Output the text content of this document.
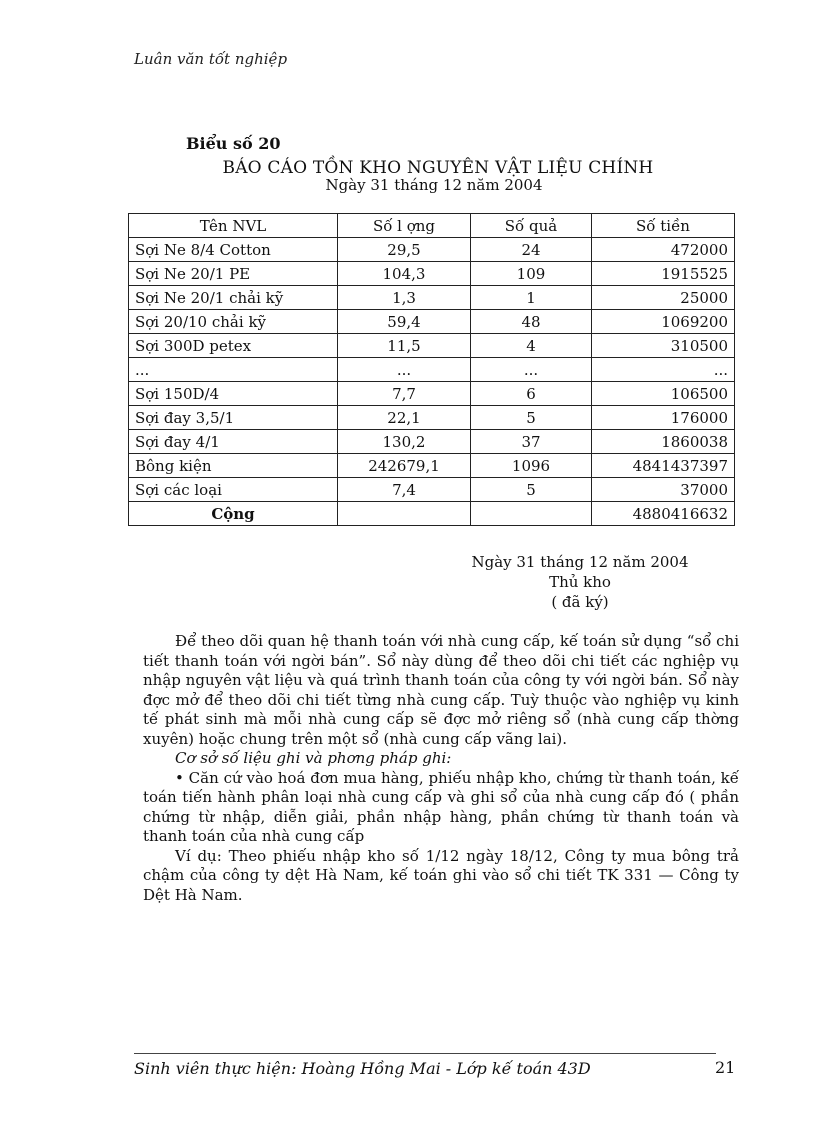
Luân văn tốt nghiệp
Biểu số 20
BÁO CÁO TỒN KHO NGUYÊN VẬT LIỆU CHÍNH
Ngày 31 tháng 12 năm 2004
Tên NVL	Số l ợng	Số quả	Số tiền
Sợi Ne 8/4 Cotton	29,5	24	472000
Sợi Ne 20/1 PE	104,3	109	1915525
Sợi Ne 20/1 chải kỹ	1,3	1	25000
Sợi 20/10 chải kỹ	59,4	48	1069200
Sợi 300D petex	11,5	4	310500
...	...	...	...
Sợi 150D/4	7,7	6	106500
Sợi đay 3,5/1	22,1	5	176000
Sợi đay 4/1	130,2	37	1860038
Bông kiện	242679,1	1096	4841437397
Sợi các loại	7,4	5	37000
Cộng			4880416632
Ngày 31 tháng 12 năm 2004
Thủ kho
( đã ký)

Để theo dõi quan hệ thanh toán với nhà cung cấp, kế toán sử dụng “sổ chi tiết thanh toán với ngời bán”. Sổ này dùng để theo dõi chi tiết các nghiệp vụ nhập nguyên vật liệu và quá trình thanh toán của công ty với ngời bán. Sổ này đợc mở để theo dõi chi tiết từng nhà cung cấp. Tuỳ thuộc vào nghiệp vụ kinh tế phát sinh mà mỗi nhà cung cấp sẽ đợc mở riêng sổ (nhà cung cấp thờng xuyên) hoặc chung trên một sổ (nhà cung cấp vãng lai).

Cơ sở số liệu ghi và phơng pháp ghi:

• Căn cứ vào hoá đơn mua hàng, phiếu nhập kho, chứng từ thanh toán, kế toán tiến hành phân loại nhà cung cấp và ghi sổ của nhà cung cấp đó ( phần chứng từ nhập, diễn giải, phần nhập hàng, phần chứng từ thanh toán và thanh toán của nhà cung cấp

Ví dụ: Theo phiếu nhập kho số 1/12 ngày 18/12, Công ty mua bông trả chậm của công ty dệt Hà Nam, kế toán ghi vào sổ chi tiết TK 331 — Công ty Dệt Hà Nam.

Sinh viên thực hiện: Hoàng Hồng Mai - Lớp kế toán 43D	21
